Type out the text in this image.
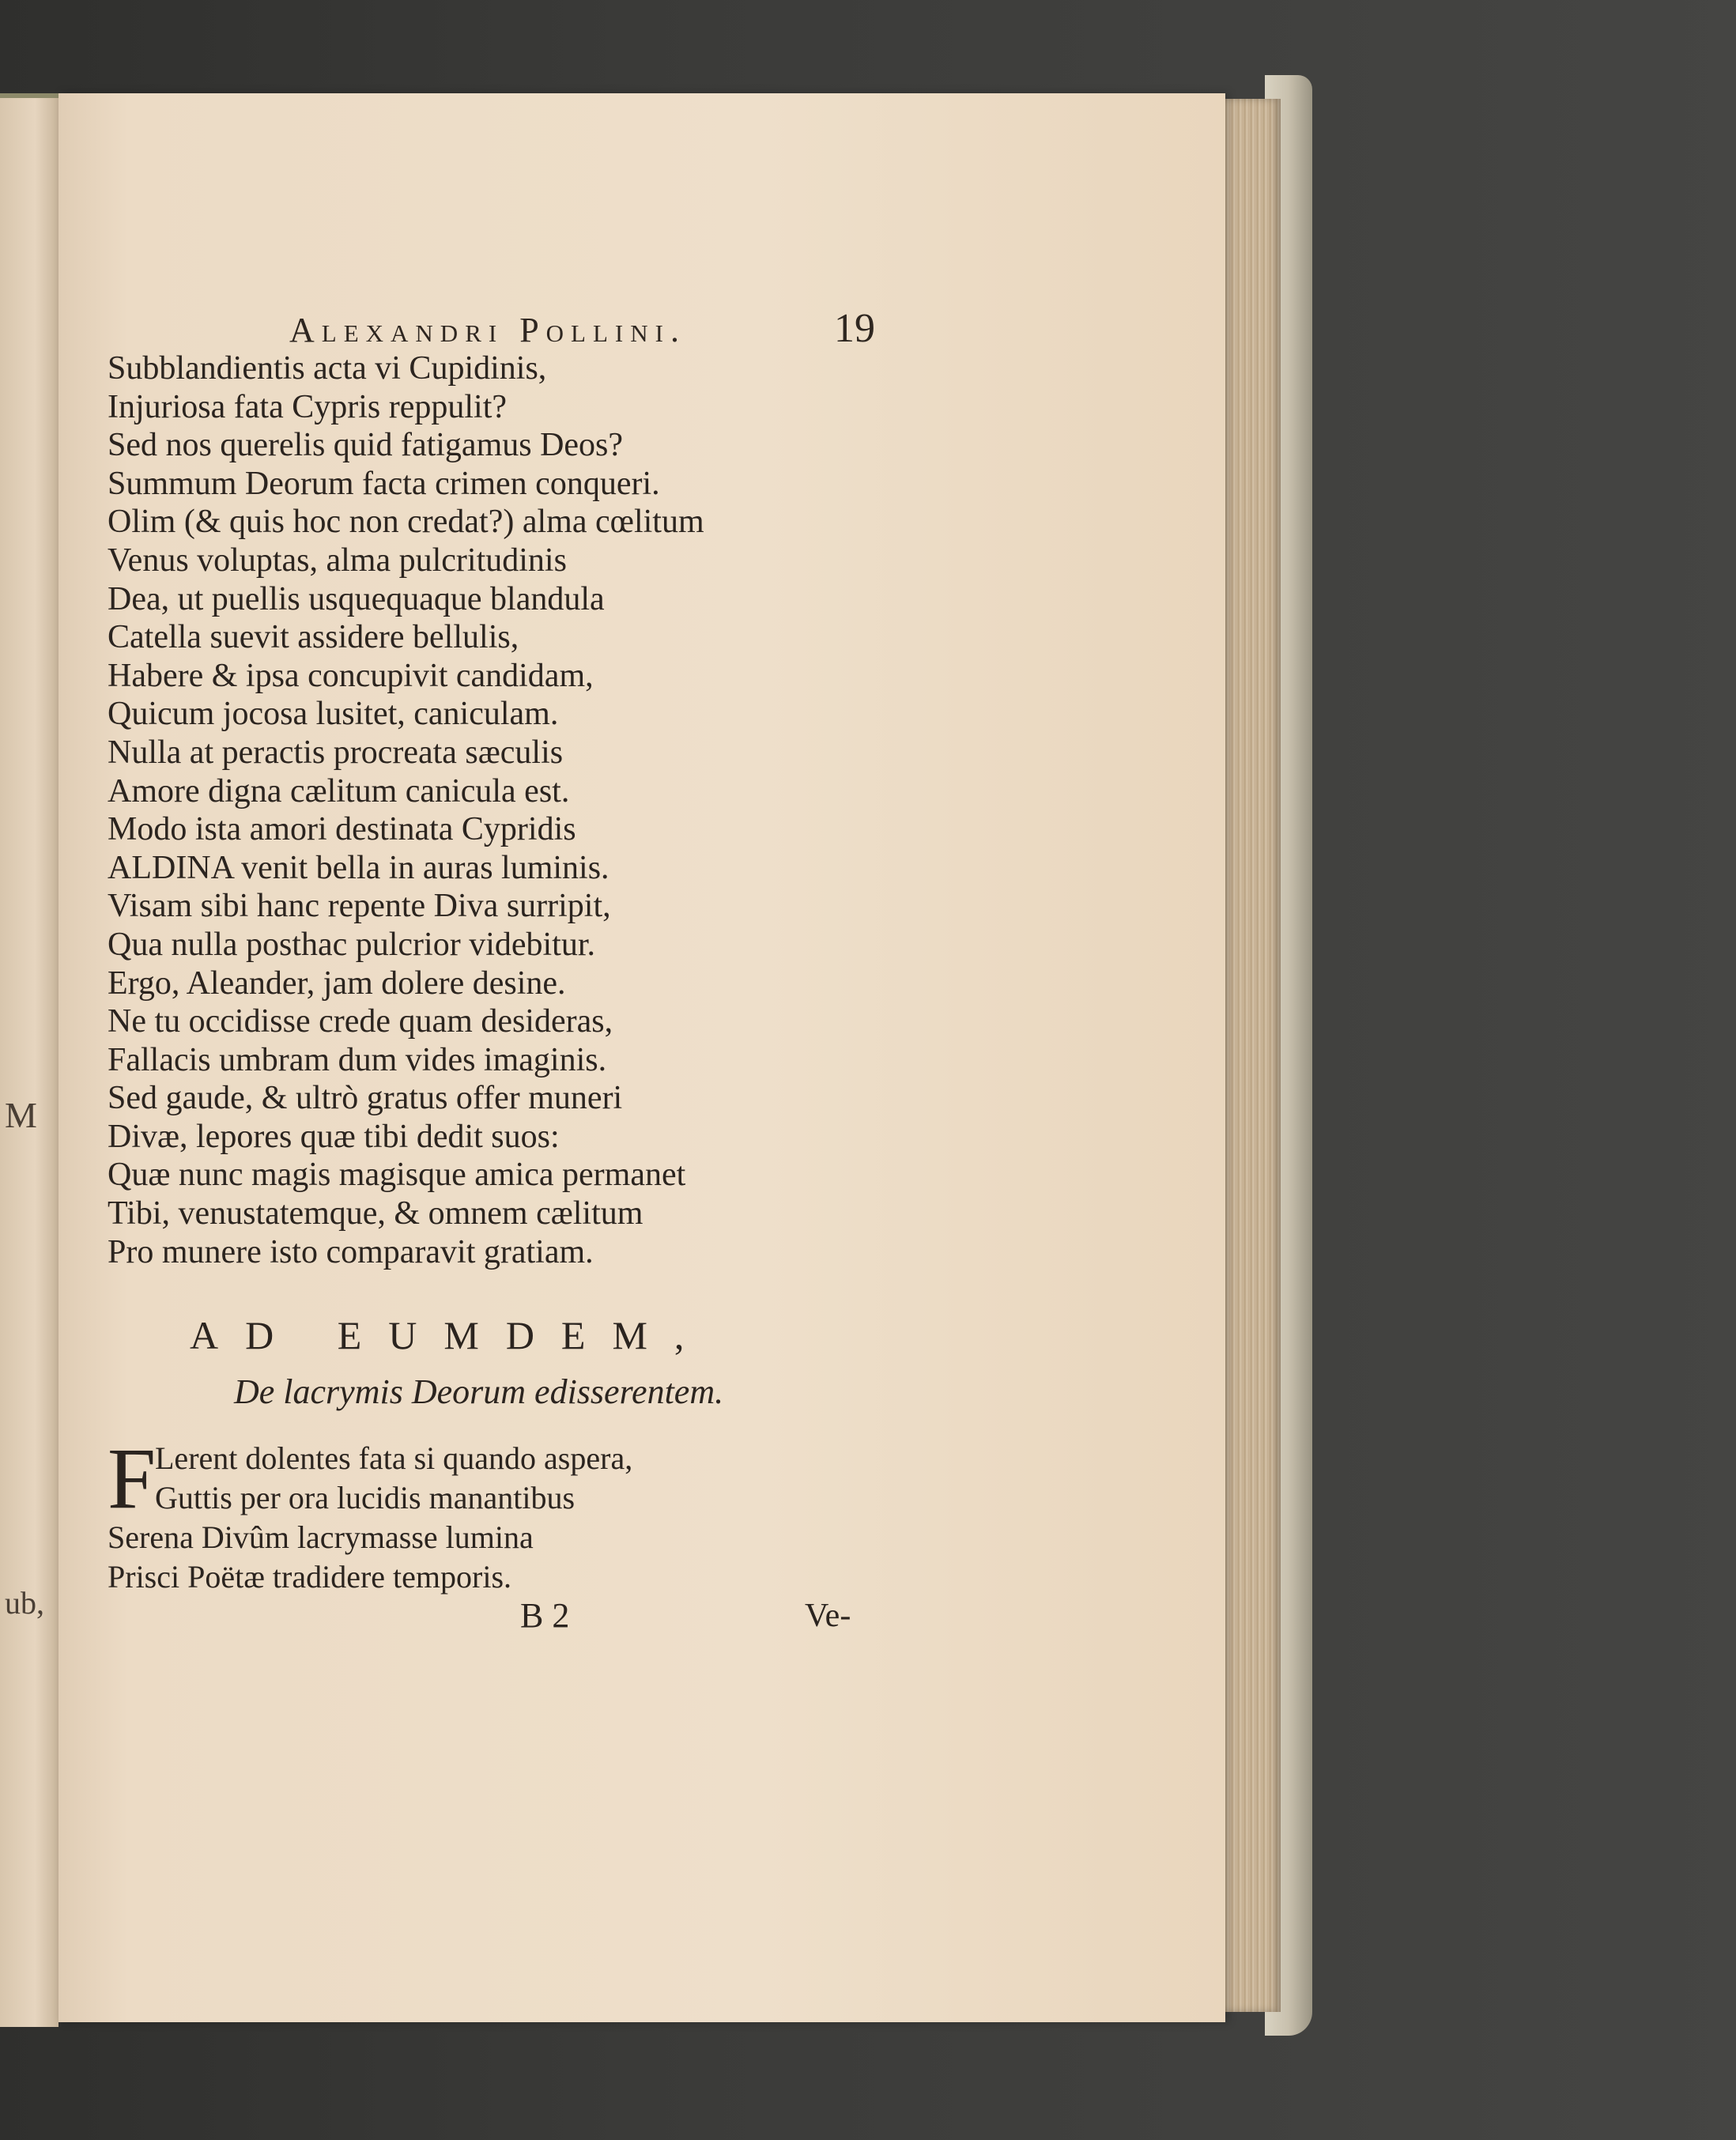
M
ub,
Alexandri Pollini.	19
Subblandientis acta vi Cupidinis,
Injuriosa fata Cypris reppulit?
Sed nos querelis quid fatigamus Deos?
Summum Deorum facta crimen conqueri.
Olim (& quis hoc non credat?) alma cœlitum
Venus voluptas, alma pulcritudinis
Dea, ut puellis usquequaque blandula
Catella suevit assidere bellulis,
Habere & ipsa concupivit candidam,
Quicum jocosa lusitet, caniculam.
Nulla at peractis procreata sæculis
Amore digna cælitum canicula est.
Modo ista amori destinata Cypridis
ALDINA venit bella in auras luminis.
Visam sibi hanc repente Diva surripit,
Qua nulla posthac pulcrior videbitur.
Ergo, Aleander, jam dolere desine.
Ne tu occidisse crede quam desideras,
Fallacis umbram dum vides imaginis.
Sed gaude, & ultrò gratus offer muneri
Divæ, lepores quæ tibi dedit suos:
Quæ nunc magis magisque amica permanet
Tibi, venustatemque, & omnem cælitum
Pro munere isto comparavit gratiam.
AD EUMDEM,
De lacrymis Deorum edisserentem.
F
Lerent dolentes fata si quando aspera,
Guttis per ora lucidis manantibus
Serena Divûm lacrymasse lumina
Prisci Poëtæ tradidere temporis.
B 2	Ve-
